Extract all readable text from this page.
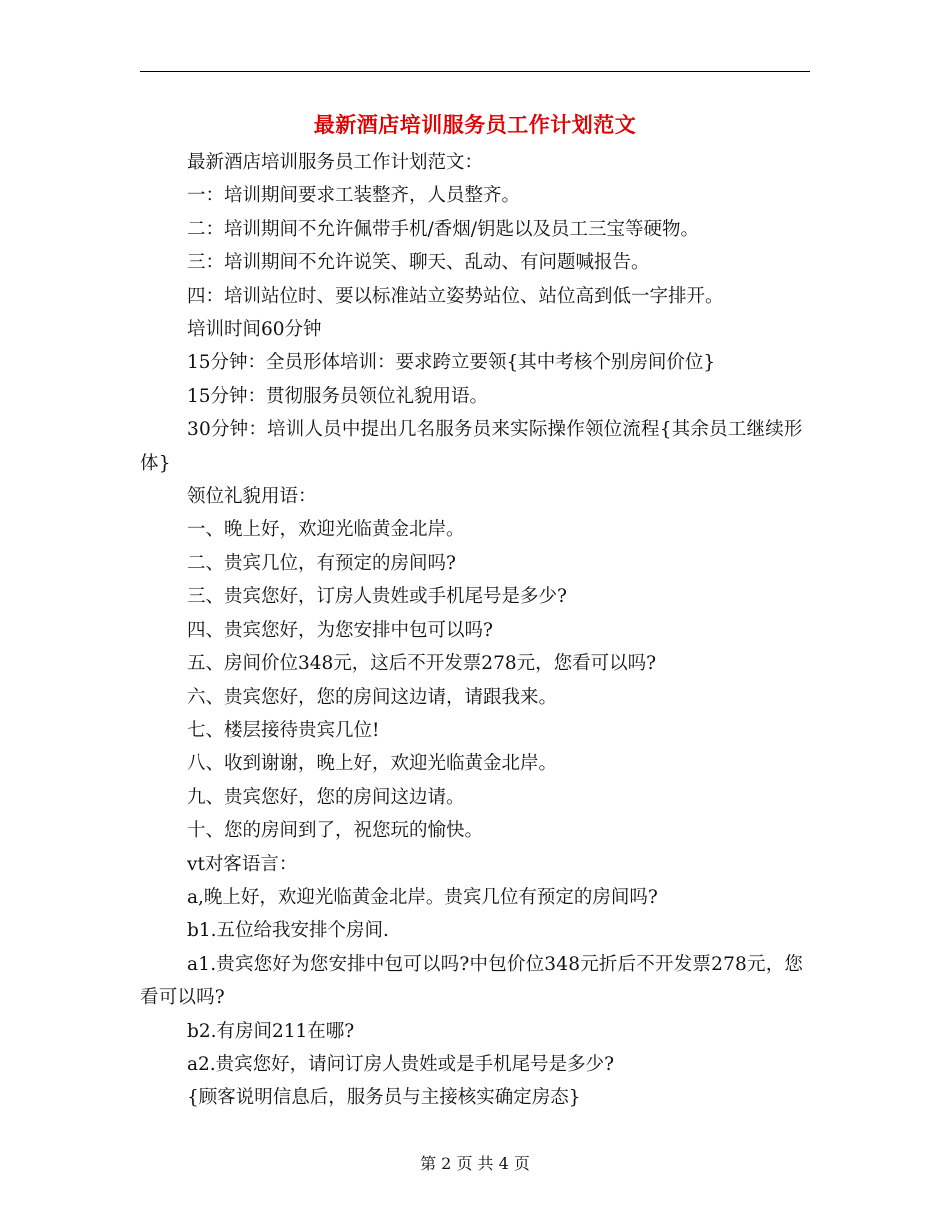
最新酒店培训服务员工作计划范文

最新酒店培训服务员工作计划范文：

一：培训期间要求工装整齐，人员整齐。

二：培训期间不允许佩带手机/香烟/钥匙以及员工三宝等硬物。

三：培训期间不允许说笑、聊天、乱动、有问题喊报告。

四：培训站位时、要以标准站立姿势站位、站位高到低一字排开。

培训时间60分钟

15分钟：全员形体培训：要求跨立要领{其中考核个别房间价位}

15分钟：贯彻服务员领位礼貌用语。

30分钟：培训人员中提出几名服务员来实际操作领位流程{其余员工继续形体}

领位礼貌用语：

一、晚上好，欢迎光临黄金北岸。

二、贵宾几位，有预定的房间吗?

三、贵宾您好，订房人贵姓或手机尾号是多少?

四、贵宾您好，为您安排中包可以吗?

五、房间价位348元，这后不开发票278元，您看可以吗?

六、贵宾您好，您的房间这边请，请跟我来。

七、楼层接待贵宾几位!

八、收到谢谢，晚上好，欢迎光临黄金北岸。

九、贵宾您好，您的房间这边请。

十、您的房间到了，祝您玩的愉快。

vt对客语言：

a,晚上好，欢迎光临黄金北岸。贵宾几位有预定的房间吗?

b1.五位给我安排个房间.

a1.贵宾您好为您安排中包可以吗?中包价位348元折后不开发票278元，您看可以吗?

b2.有房间211在哪?

a2.贵宾您好，请问订房人贵姓或是手机尾号是多少?

{顾客说明信息后，服务员与主接核实确定房态}

第 2 页 共 4 页
